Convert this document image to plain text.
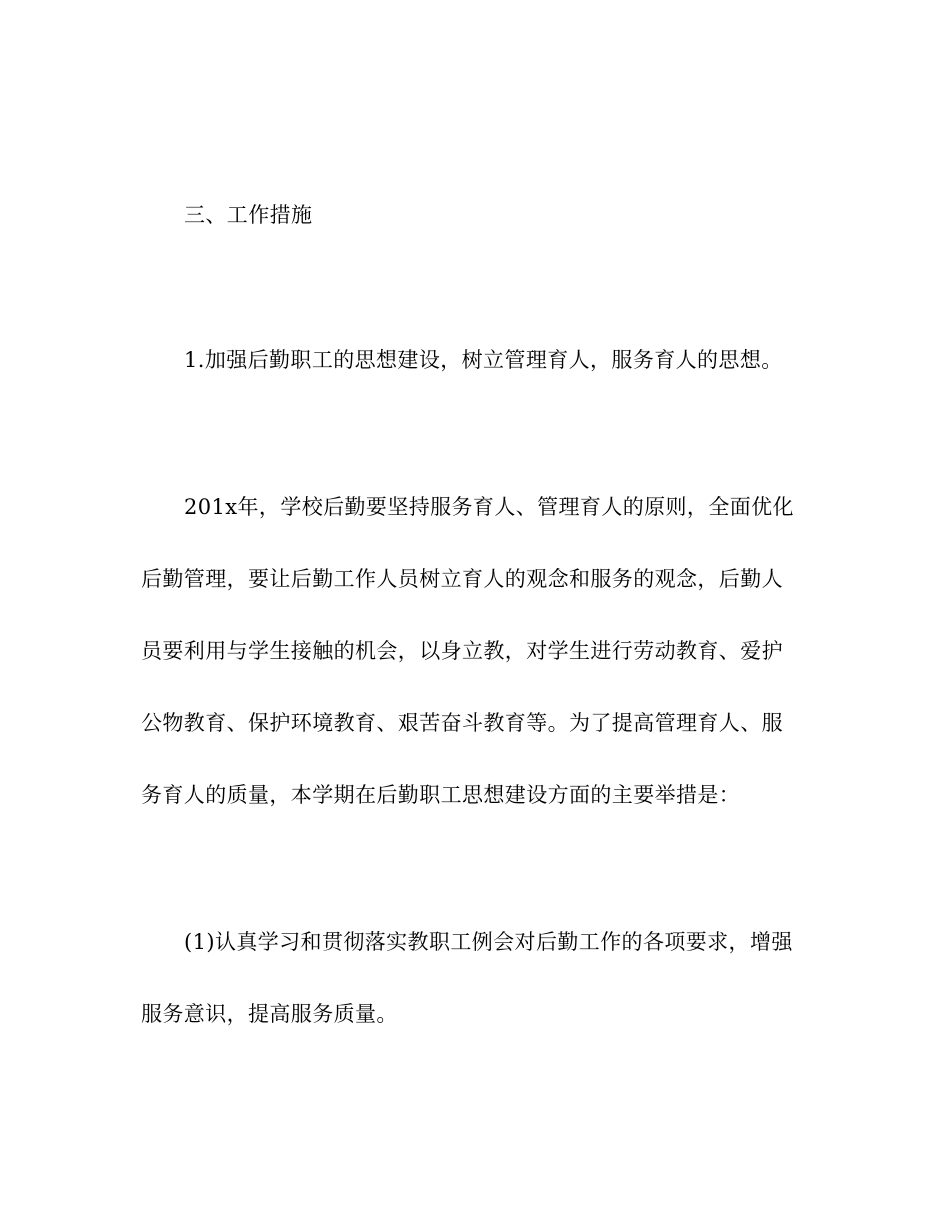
三、工作措施
1.加强后勤职工的思想建设，树立管理育人，服务育人的思想。
201x年，学校后勤要坚持服务育人、管理育人的原则，全面优化
后勤管理，要让后勤工作人员树立育人的观念和服务的观念，后勤人
员要利用与学生接触的机会，以身立教，对学生进行劳动教育、爱护
公物教育、保护环境教育、艰苦奋斗教育等。为了提高管理育人、服
务育人的质量，本学期在后勤职工思想建设方面的主要举措是：
(1)认真学习和贯彻落实教职工例会对后勤工作的各项要求，增强
服务意识，提高服务质量。
